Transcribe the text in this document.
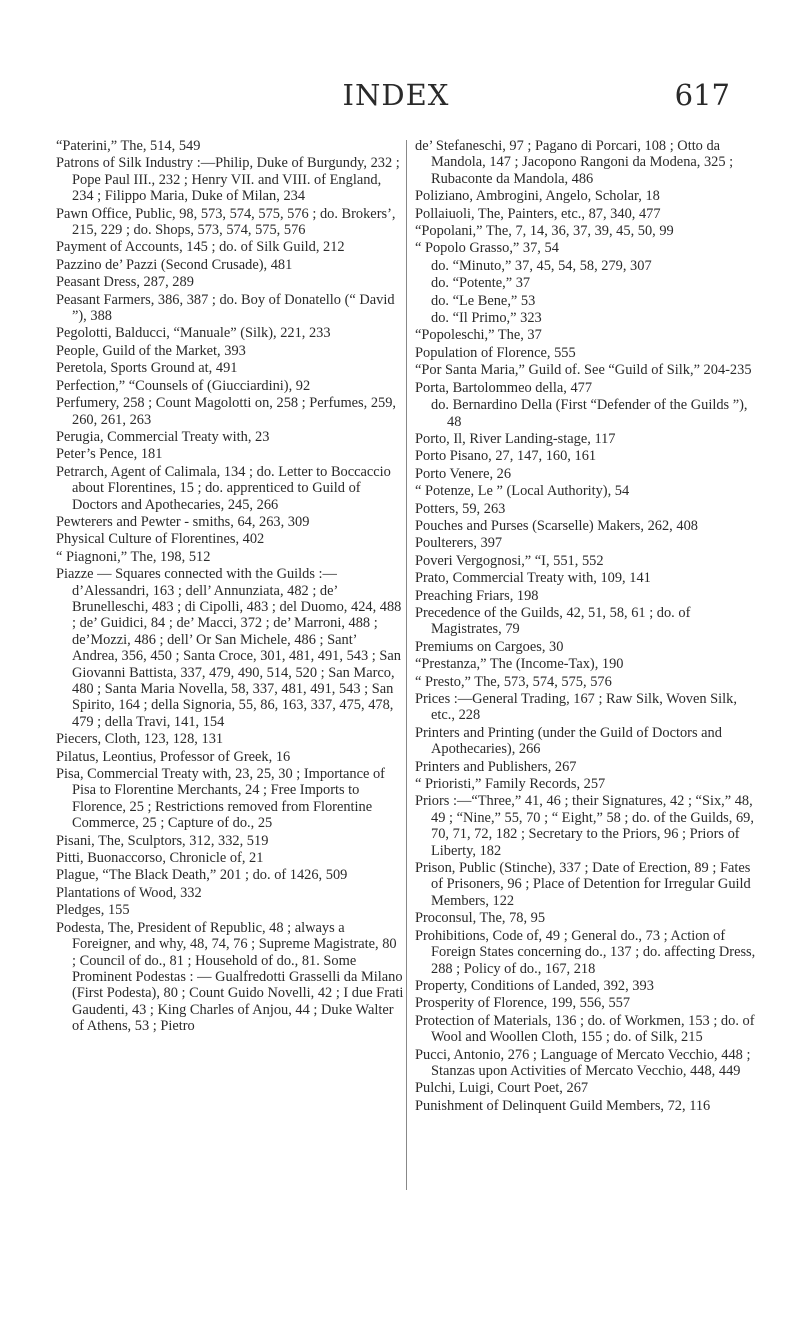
INDEX	617
“Paterini,” The, 514, 549
Patrons of Silk Industry :—Philip, Duke of Burgundy, 232 ; Pope Paul III., 232 ; Henry VII. and VIII. of England, 234 ; Filippo Maria, Duke of Milan, 234
Pawn Office, Public, 98, 573, 574, 575, 576 ; do. Brokers’, 215, 229 ; do. Shops, 573, 574, 575, 576
Payment of Accounts, 145 ; do. of Silk Guild, 212
Pazzino de’ Pazzi (Second Crusade), 481
Peasant Dress, 287, 289
Peasant Farmers, 386, 387 ; do. Boy of Donatello (“ David ”), 388
Pegolotti, Balducci, “Manuale” (Silk), 221, 233
People, Guild of the Market, 393
Peretola, Sports Ground at, 491
Perfection,” “Counsels of (Giucciardini), 92
Perfumery, 258 ; Count Magolotti on, 258 ; Perfumes, 259, 260, 261, 263
Perugia, Commercial Treaty with, 23
Peter’s Pence, 181
Petrarch, Agent of Calimala, 134 ; do. Letter to Boccaccio about Florentines, 15 ; do. apprenticed to Guild of Doctors and Apothecaries, 245, 266
Pewterers and Pewter - smiths, 64, 263, 309
Physical Culture of Florentines, 402
“ Piagnoni,” The, 198, 512
Piazze — Squares connected with the Guilds :—d’Alessandri, 163 ; dell’ Annunziata, 482 ; de’ Brunelleschi, 483 ; di Cipolli, 483 ; del Duomo, 424, 488 ; de’ Guidici, 84 ; de’ Macci, 372 ; de’ Marroni, 488 ; de’Mozzi, 486 ; dell’ Or San Michele, 486 ; Sant’ Andrea, 356, 450 ; Santa Croce, 301, 481, 491, 543 ; San Giovanni Battista, 337, 479, 490, 514, 520 ; San Marco, 480 ; Santa Maria Novella, 58, 337, 481, 491, 543 ; San Spirito, 164 ; della Signoria, 55, 86, 163, 337, 475, 478, 479 ; della Travi, 141, 154
Piecers, Cloth, 123, 128, 131
Pilatus, Leontius, Professor of Greek, 16
Pisa, Commercial Treaty with, 23, 25, 30 ; Importance of Pisa to Florentine Merchants, 24 ; Free Imports to Florence, 25 ; Restrictions removed from Florentine Commerce, 25 ; Capture of do., 25
Pisani, The, Sculptors, 312, 332, 519
Pitti, Buonaccorso, Chronicle of, 21
Plague, “The Black Death,” 201 ; do. of 1426, 509
Plantations of Wood, 332
Pledges, 155
Podesta, The, President of Republic, 48 ; always a Foreigner, and why, 48, 74, 76 ; Supreme Magistrate, 80 ; Council of do., 81 ; Household of do., 81. Some Prominent Podestas : — Gualfredotti Grasselli da Milano (First Podesta), 80 ; Count Guido Novelli, 42 ; I due Frati Gaudenti, 43 ; King Charles of Anjou, 44 ; Duke Walter of Athens, 53 ; Pietro
de’ Stefaneschi, 97 ; Pagano di Porcari, 108 ; Otto da Mandola, 147 ; Jacopono Rangoni da Modena, 325 ; Rubaconte da Mandola, 486
Poliziano, Ambrogini, Angelo, Scholar, 18
Pollaiuoli, The, Painters, etc., 87, 340, 477
“Popolani,” The, 7, 14, 36, 37, 39, 45, 50, 99
“ Popolo Grasso,” 37, 54
do. “Minuto,” 37, 45, 54, 58, 279, 307
do. “Potente,” 37
do. “Le Bene,” 53
do. “Il Primo,” 323
“Popoleschi,” The, 37
Population of Florence, 555
“Por Santa Maria,” Guild of. See “Guild of Silk,” 204-235
Porta, Bartolommeo della, 477
do. Bernardino Della (First “Defender of the Guilds ”), 48
Porto, Il, River Landing-stage, 117
Porto Pisano, 27, 147, 160, 161
Porto Venere, 26
“ Potenze, Le ” (Local Authority), 54
Potters, 59, 263
Pouches and Purses (Scarselle) Makers, 262, 408
Poulterers, 397
Poveri Vergognosi,” “I, 551, 552
Prato, Commercial Treaty with, 109, 141
Preaching Friars, 198
Precedence of the Guilds, 42, 51, 58, 61 ; do. of Magistrates, 79
Premiums on Cargoes, 30
“Prestanza,” The (Income-Tax), 190
“ Presto,” The, 573, 574, 575, 576
Prices :—General Trading, 167 ; Raw Silk, Woven Silk, etc., 228
Printers and Printing (under the Guild of Doctors and Apothecaries), 266
Printers and Publishers, 267
“ Prioristi,” Family Records, 257
Priors :—“Three,” 41, 46 ; their Signatures, 42 ; “Six,” 48, 49 ; “Nine,” 55, 70 ; “ Eight,” 58 ; do. of the Guilds, 69, 70, 71, 72, 182 ; Secretary to the Priors, 96 ; Priors of Liberty, 182
Prison, Public (Stinche), 337 ; Date of Erection, 89 ; Fates of Prisoners, 96 ; Place of Detention for Irregular Guild Members, 122
Proconsul, The, 78, 95
Prohibitions, Code of, 49 ; General do., 73 ; Action of Foreign States concerning do., 137 ; do. affecting Dress, 288 ; Policy of do., 167, 218
Property, Conditions of Landed, 392, 393
Prosperity of Florence, 199, 556, 557
Protection of Materials, 136 ; do. of Workmen, 153 ; do. of Wool and Woollen Cloth, 155 ; do. of Silk, 215
Pucci, Antonio, 276 ; Language of Mercato Vecchio, 448 ; Stanzas upon Activities of Mercato Vecchio, 448, 449
Pulchi, Luigi, Court Poet, 267
Punishment of Delinquent Guild Members, 72, 116
